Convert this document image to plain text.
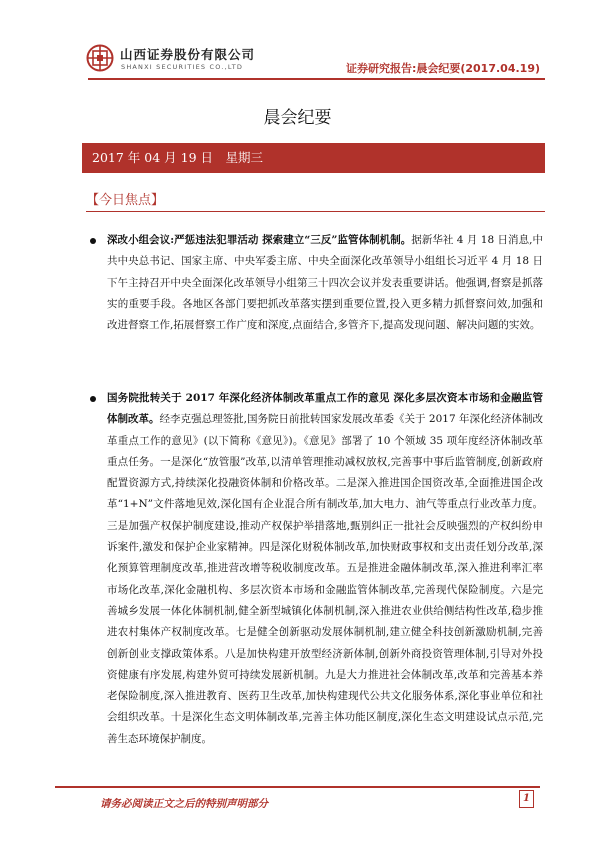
山西证券股份有限公司
SHANXI SECURITIES CO.,LTD	证券研究报告:晨会纪要(2017.04.19)
晨会纪要
2017 年 04 月 19 日　星期三
【今日焦点】
深改小组会议:严惩违法犯罪活动 探索建立“三反”监管体制机制。据新华社 4 月 18 日消息,中共中央总书记、国家主席、中央军委主席、中央全面深化改革领导小组组长习近平 4 月 18 日下午主持召开中央全面深化改革领导小组第三十四次会议并发表重要讲话。他强调,督察是抓落实的重要手段。各地区各部门要把抓改革落实摆到重要位置,投入更多精力抓督察问效,加强和改进督察工作,拓展督察工作广度和深度,点面结合,多管齐下,提高发现问题、解决问题的实效。
国务院批转关于 2017 年深化经济体制改革重点工作的意见 深化多层次资本市场和金融监管体制改革。经李克强总理签批,国务院日前批转国家发展改革委《关于 2017 年深化经济体制改革重点工作的意见》(以下简称《意见》)。《意见》部署了 10 个领域 35 项年度经济体制改革重点任务。一是深化“放管服”改革,以清单管理推动减权放权,完善事中事后监管制度,创新政府配置资源方式,持续深化投融资体制和价格改革。二是深入推进国企国资改革,全面推进国企改革“1+N”文件落地见效,深化国有企业混合所有制改革,加大电力、油气等重点行业改革力度。三是加强产权保护制度建设,推动产权保护举措落地,甄别纠正一批社会反映强烈的产权纠纷申诉案件,激发和保护企业家精神。四是深化财税体制改革,加快财政事权和支出责任划分改革,深化预算管理制度改革,推进营改增等税收制度改革。五是推进金融体制改革,深入推进利率汇率市场化改革,深化金融机构、多层次资本市场和金融监管体制改革,完善现代保险制度。六是完善城乡发展一体化体制机制,健全新型城镇化体制机制,深入推进农业供给侧结构性改革,稳步推进农村集体产权制度改革。七是健全创新驱动发展体制机制,建立健全科技创新激励机制,完善创新创业支撑政策体系。八是加快构建开放型经济新体制,创新外商投资管理体制,引导对外投资健康有序发展,构建外贸可持续发展新机制。九是大力推进社会体制改革,改革和完善基本养老保险制度,深入推进教育、医药卫生改革,加快构建现代公共文化服务体系,深化事业单位和社会组织改革。十是深化生态文明体制改革,完善主体功能区制度,深化生态文明建设试点示范,完善生态环境保护制度。
请务必阅读正文之后的特别声明部分	1
